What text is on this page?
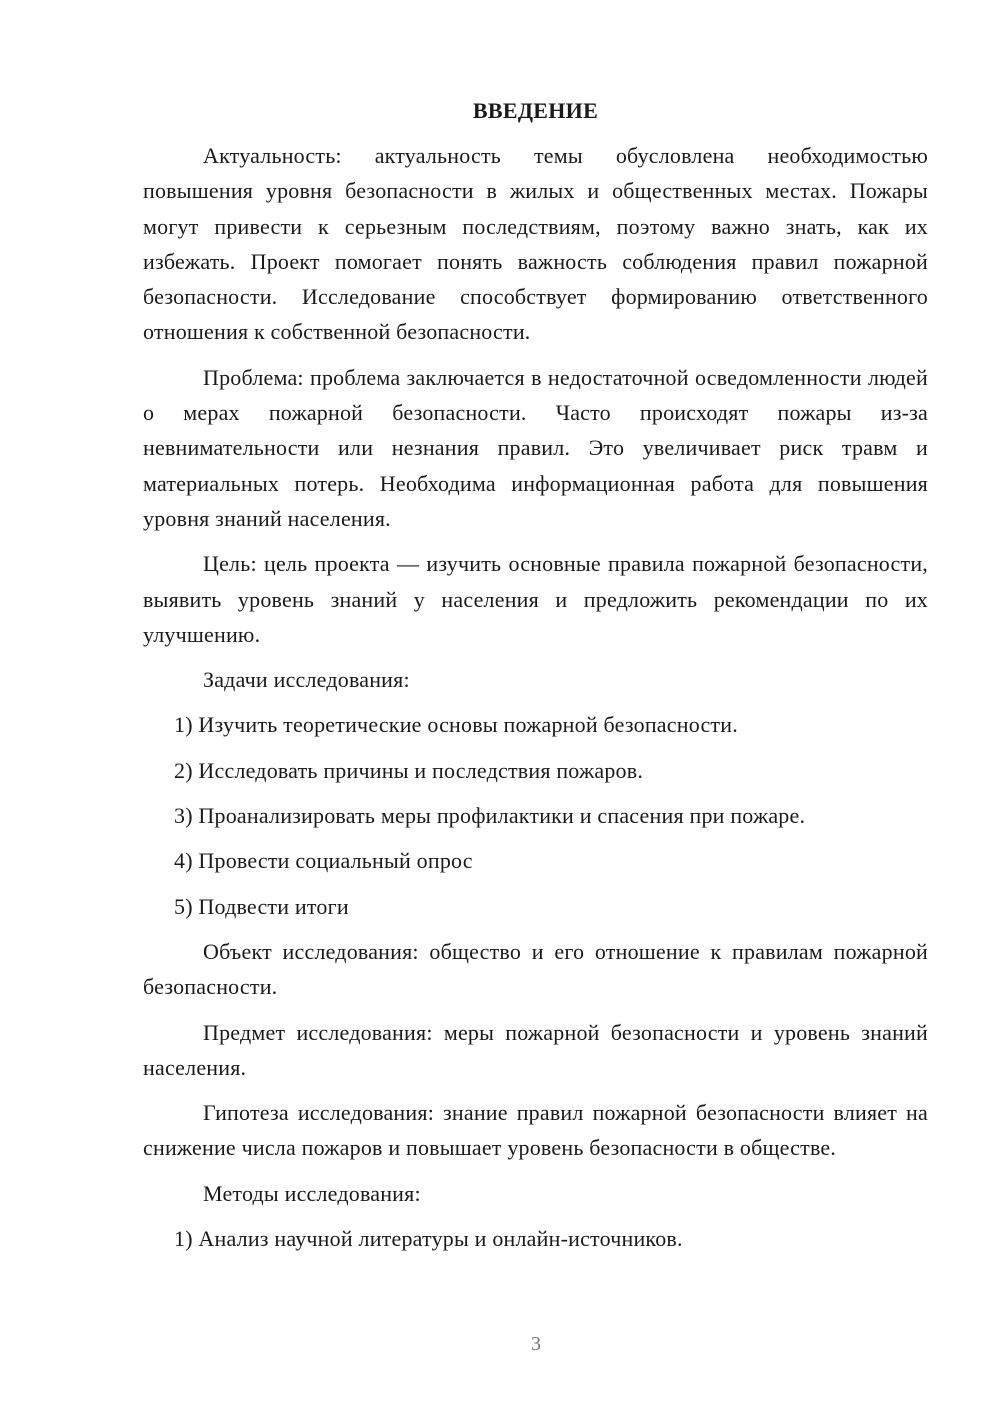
ВВЕДЕНИЕ

Актуальность: актуальность темы обусловлена необходимостью повышения уровня безопасности в жилых и общественных местах. Пожары могут привести к серьезным последствиям, поэтому важно знать, как их избежать. Проект помогает понять важность соблюдения правил пожарной безопасности. Исследование способствует формированию ответственного отношения к собственной безопасности.

Проблема: проблема заключается в недостаточной осведомленности людей о мерах пожарной безопасности. Часто происходят пожары из-за невнимательности или незнания правил. Это увеличивает риск травм и материальных потерь. Необходима информационная работа для повышения уровня знаний населения.

Цель: цель проекта — изучить основные правила пожарной безопасности, выявить уровень знаний у населения и предложить рекомендации по их улучшению.

Задачи исследования:

1) Изучить теоретические основы пожарной безопасности.

2) Исследовать причины и последствия пожаров.

3) Проанализировать меры профилактики и спасения при пожаре.

4) Провести социальный опрос

5) Подвести итоги

Объект исследования: общество и его отношение к правилам пожарной безопасности.

Предмет исследования: меры пожарной безопасности и уровень знаний населения.

Гипотеза исследования: знание правил пожарной безопасности влияет на снижение числа пожаров и повышает уровень безопасности в обществе.

Методы исследования:

1) Анализ научной литературы и онлайн-источников.

3
